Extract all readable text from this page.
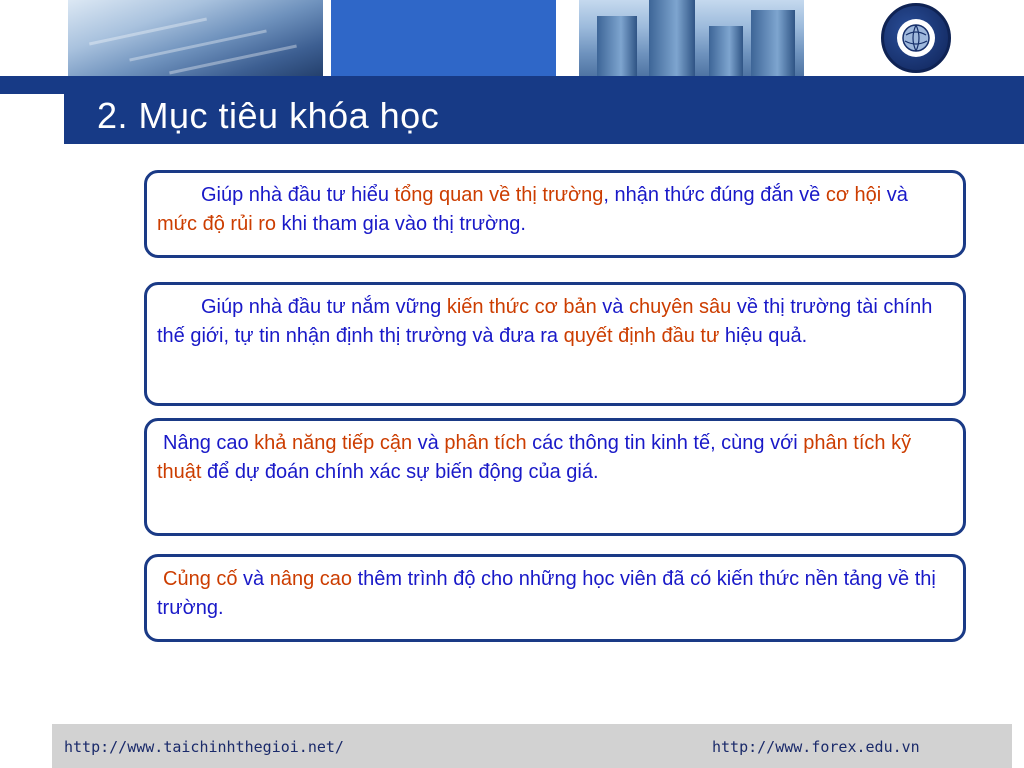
2. Mục tiêu khóa học
Giúp nhà đầu tư hiểu tổng quan về thị trường, nhận thức đúng đắn về cơ hội và mức độ rủi ro khi tham gia vào thị trường.
Giúp nhà đầu tư nắm vững kiến thức cơ bản và chuyên sâu về thị trường tài chính thế giới, tự tin nhận định thị trường và đưa ra quyết định đầu tư hiệu quả.
Nâng cao khả năng tiếp cận và phân tích các thông tin kinh tế, cùng với phân tích kỹ thuật để dự đoán chính xác sự biến động của giá.
Củng cố và nâng cao thêm trình độ cho những học viên đã có kiến thức nền tảng về thị trường.
http://www.taichinhthegioi.net/	http://www.forex.edu.vn
